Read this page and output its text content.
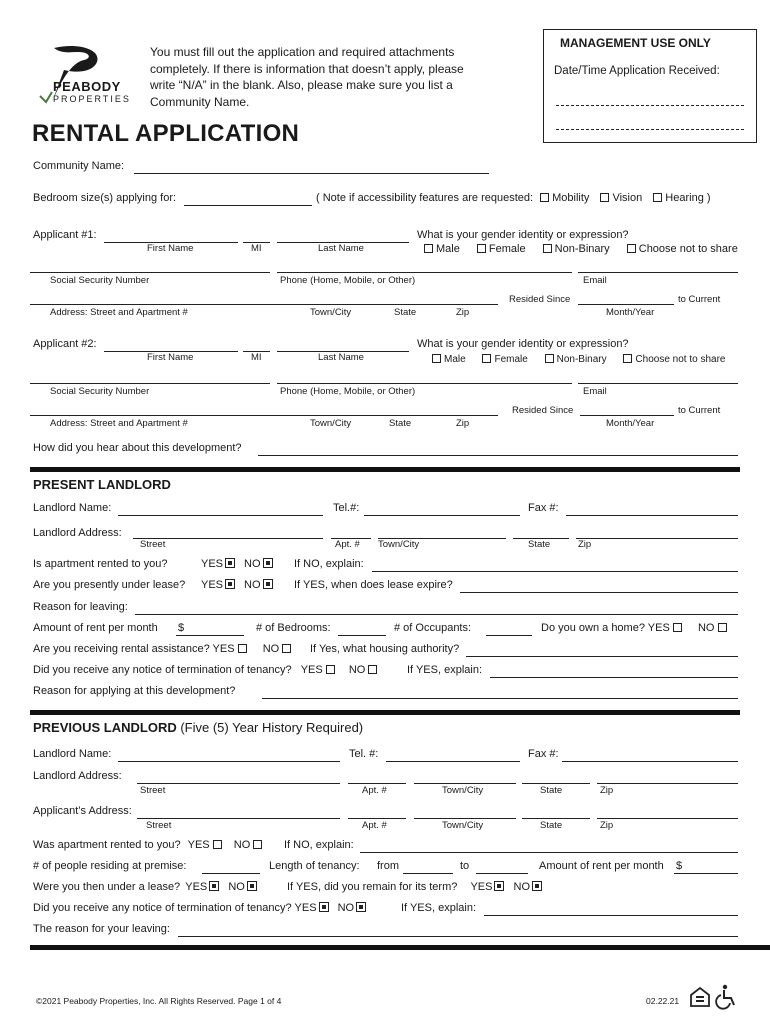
PEABODY
PROPERTIES
You must fill out the application and required attachments
completely. If there is information that doesn’t apply, please
write “N/A” in the blank. Also, please make sure you list a
Community Name.
MANAGEMENT USE ONLY
Date/Time Application Received:
RENTAL APPLICATION
Community Name:
Bedroom size(s) applying for:	( Note if accessibility features are requested: Mobility Vision Hearing )
Applicant #1:
First Name	MI	Last Name
What is your gender identity or expression?
Male	Female	Non-Binary	Choose not to share
Social Security Number	Phone (Home, Mobile, or Other)	Email
Resided Since	to Current
Address: Street and Apartment #	Town/City	State	Zip	Month/Year
Applicant #2:
First Name	MI	Last Name
What is your gender identity or expression?
Male	Female	Non-Binary	Choose not to share
Social Security Number	Phone (Home, Mobile, or Other)	Email
Resided Since	to Current
Address: Street and Apartment #	Town/City	State	Zip	Month/Year
How did you hear about this development?
PRESENT LANDLORD
Landlord Name:	Tel.#:	Fax #:
Landlord Address:
Street	Apt. # Town/City	State	Zip
Is apartment rented to you?	YES	NO	If NO, explain:
Are you presently under lease? YES	NO	If YES, when does lease expire?
Reason for leaving:
Amount of rent per month $	# of Bedrooms:	# of Occupants:	Do you own a home? YES	NO
Are you receiving rental assistance? YES	NO	If Yes, what housing authority?
Did you receive any notice of termination of tenancy? YES NO	If YES, explain:
Reason for applying at this development?
PREVIOUS LANDLORD (Five (5) Year History Required)
Landlord Name:	Tel. #:	Fax #:
Landlord Address:
Street	Apt. #	Town/City	State	Zip
Applicant’s Address:
Street	Apt. #	Town/City	State	Zip
Was apartment rented to you? YES NO	If NO, explain:
# of people residing at premise:	Length of tenancy: from	to	Amount of rent per month $
Were you then under a lease? YES NO	If YES, did you remain for its term? YES NO
Did you receive any notice of termination of tenancy? YES NO	If YES, explain:
The reason for your leaving:
©2021 Peabody Properties, Inc. All Rights Reserved. Page 1 of 4	02.22.21
